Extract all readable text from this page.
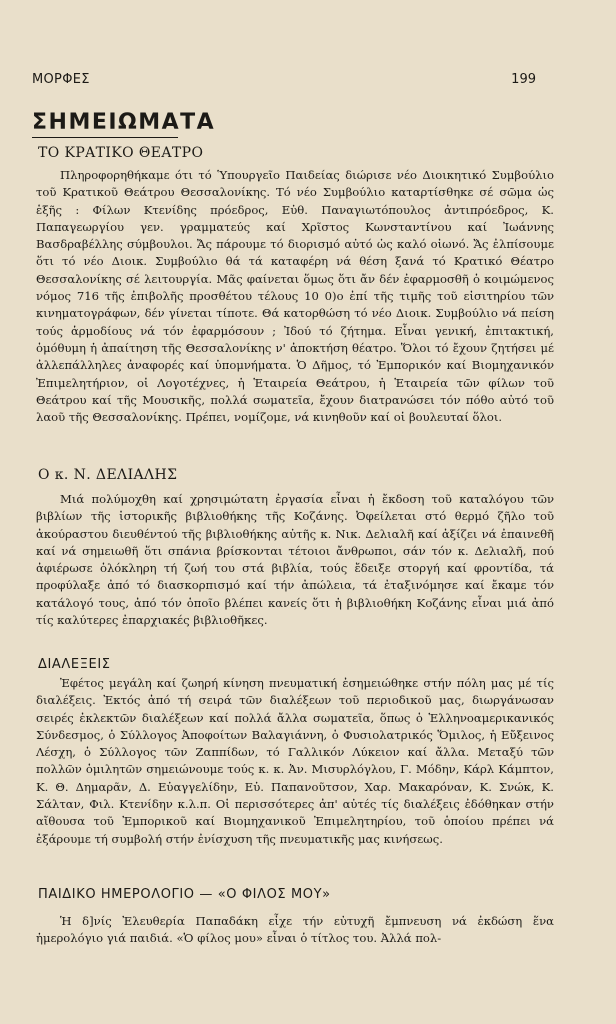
ΜΟΡΦΕΣ	199
ΣΗΜΕΙΩΜΑΤΑ
ΤΟ ΚΡΑΤΙΚΟ ΘΕΑΤΡΟ

Πληροφορηθήκαμε ότι τό Ὑπουργεῖο Παιδείας διώρισε νέο Διοικητικό Συμβούλιο τοῦ Κρατικοῦ Θεάτρου Θεσσαλονίκης. Τό νέο Συμβούλιο καταρτίσθηκε σέ σῶμα ὡς ἑξῆς : Φίλων Κτενίδης πρόεδρος, Εὐθ. Παναγιωτόπουλος ἀντιπρόεδρος, Κ. Παπαγεωργίου γεν. γραμματεύς καί Χρῖστος Κωνσταντίνου καί Ἰωάννης Βασδραβέλλης σύμβουλοι. Ἄς πάρουμε τό διορισμό αὐτό ὡς καλό οἰωνό. Ἄς ἐλπίσουμε ὅτι τό νέο Διοικ. Συμβούλιο θά τά καταφέρη νά θέση ξανά τό Κρατικό Θέατρο Θεσσαλονίκης σέ λειτουργία. Μᾶς φαίνεται ὅμως ὅτι ἄν δέν ἐφαρμοσθῆ ὁ κοιμώμενος νόμος 716 τῆς ἐπιβολῆς προσθέτου τέλους 10 0)ο ἐπί τῆς τιμῆς τοῦ εἰσιτηρίου τῶν κινηματογράφων, δέν γίνεται τίποτε. Θά κατορθώση τό νέο Διοικ. Συμβούλιο νά πείση τούς ἁρμοδίους νά τόν ἐφαρμόσουν ; Ἰδού τό ζήτημα. Εἶναι γενική, ἐπιτακτική, ὁμόθυμη ἡ ἀπαίτηση τῆς Θεσσαλονίκης ν' ἀποκτήση θέατρο. Ὅλοι τό ἔχουν ζητήσει μέ ἀλλεπάλληλες ἀναφορές καί ὑπομνήματα. Ὁ Δῆμος, τό Ἐμπορικόν καί Βιομηχανικόν Ἐπιμελητήριον, οἱ Λογοτέχνες, ἡ Ἑταιρεία Θεάτρου, ἡ Ἑταιρεία τῶν φίλων τοῦ Θεάτρου καί τῆς Μουσικῆς, πολλά σωματεῖα, ἔχουν διατρανώσει τόν πόθο αὐτό τοῦ λαοῦ τῆς Θεσσαλονίκης. Πρέπει, νομίζομε, νά κινηθοῦν καί οἱ βουλευταί ὅλοι.

Ο κ. Ν. ΔΕΛΙΑΛΗΣ

Μιά πολύμοχθη καί χρησιμώτατη ἐργασία εἶναι ἡ ἔκδοση τοῦ καταλόγου τῶν βιβλίων τῆς ἱστορικῆς βιβλιοθήκης τῆς Κοζάνης. Ὀφείλεται στό θερμό ζῆλο τοῦ ἀκούραστου διευθέντού τῆς βιβλιοθήκης αὐτῆς κ. Νικ. Δελιαλῆ καί ἀξίζει νά ἐπαινεθῆ καί νά σημειωθῆ ὅτι σπάνια βρίσκονται τέτοιοι ἄνθρωποι, σάν τόν κ. Δελιαλῆ, πού ἀφιέρωσε ὁλόκληρη τή ζωή του στά βιβλία, τούς ἔδειξε στοργή καί φροντίδα, τά προφύλαξε ἀπό τό διασκορπισμό καί τήν ἀπώλεια, τά ἐταξινόμησε καί ἔκαμε τόν κατάλογό τους, ἀπό τόν ὁποῖο βλέπει κανείς ὅτι ἡ βιβλιοθήκη Κοζάνης εἶναι μιά ἀπό τίς καλύτερες ἐπαρχιακές βιβλιοθῆκες.

ΔΙΑΛΕΞΕΙΣ

Ἐφέτος μεγάλη καί ζωηρή κίνηση πνευματική ἐσημειώθηκε στήν πόλη μας μέ τίς διαλέξεις. Ἐκτός ἀπό τή σειρά τῶν διαλέξεων τοῦ περιοδικοῦ μας, διωργάνωσαν σειρές ἐκλεκτῶν διαλέξεων καί πολλά ἄλλα σωματεῖα, ὅπως ὁ Ἑλληνοαμερικανικός Σύνδεσμος, ὁ Σύλλογος Ἀποφοίτων Βαλαγιάννη, ὁ Φυσιολατρικός Ὅμιλος, ἡ Εὔξεινος Λέσχη, ὁ Σύλλογος τῶν Ζαππίδων, τό Γαλλικόν Λύκειον καί ἄλλα. Μεταξύ τῶν πολλῶν ὁμιλητῶν σημειώνουμε τούς κ. κ. Ἀν. Μισυρλόγλου, Γ. Μόδην, Κάρλ Κάμπτον, Κ. Θ. Δημαρᾶν, Δ. Εὐαγγελίδην, Εὐ. Παπανοῦτσον, Χαρ. Μακαρόναν, Κ. Σνώκ, Κ. Σάλταν, Φιλ. Κτενίδην κ.λ.π. Οἱ περισσότερες ἀπ' αὐτές τίς διαλέξεις ἐδόθηκαν στήν αἴθουσα τοῦ Ἐμπορικοῦ καί Βιομηχανικοῦ Ἐπιμελητηρίου, τοῦ ὁποίου πρέπει νά ἐξάρουμε τή συμβολή στήν ἐνίσχυση τῆς πνευματικῆς μας κινήσεως.

ΠΑΙΔΙΚΟ ΗΜΕΡΟΛΟΓΙΟ — «Ο ΦΙΛΟΣ ΜΟΥ»

Ἡ δ]νίς Ἐλευθερία Παπαδάκη εἶχε τήν εὐτυχῆ ἔμπνευση νά ἐκδώση ἕνα ἡμερολόγιο γιά παιδιά. «Ὁ φίλος μου» εἶναι ὁ τίτλος του. Ἀλλά πολ-
